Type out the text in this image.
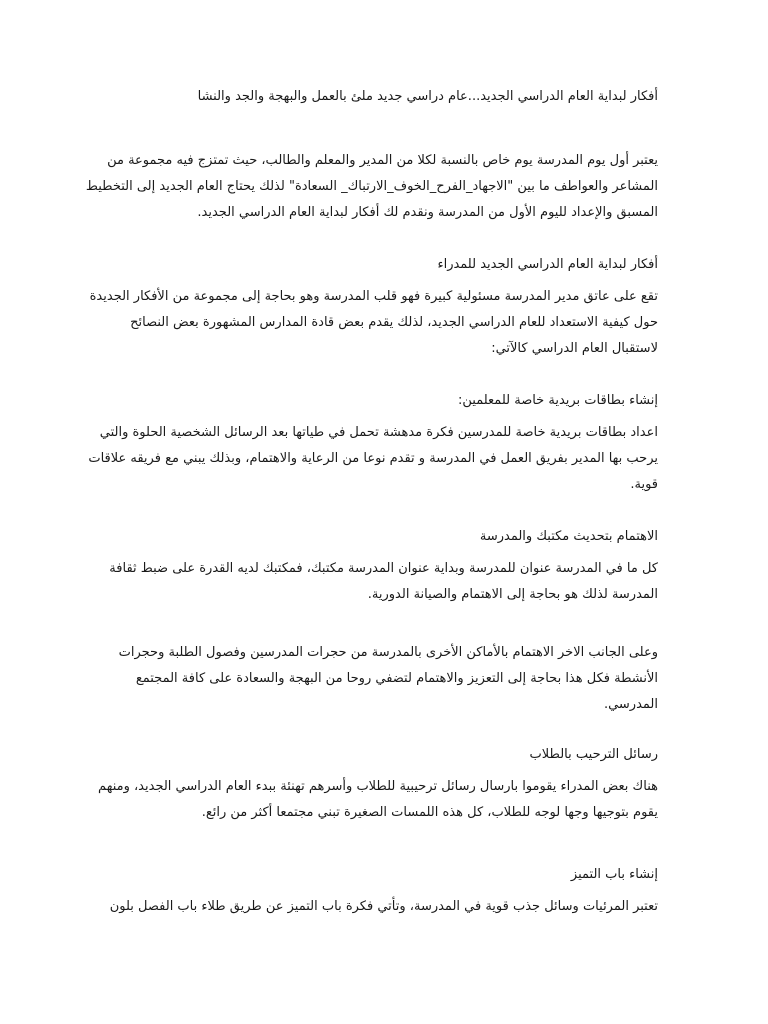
أفكار لبداية العام الدراسي الجديد...عام دراسي جديد ملئ بالعمل والبهجة والجد والنشا

يعتبر أول يوم المدرسة يوم خاص بالنسبة لكلا من المدير والمعلم والطالب، حيث تمتزج فيه مجموعة من
المشاعر والعواطف ما بين "الاجهاد_الفرح_الخوف_الارتباك_ السعادة" لذلك يحتاج العام الجديد إلى التخطيط
المسبق والإعداد لليوم الأول من المدرسة ونقدم لك أفكار لبداية العام الدراسي الجديد.

أفكار لبداية العام الدراسي الجديد للمدراء

تقع على عاتق مدير المدرسة مسئولية كبيرة فهو قلب المدرسة وهو بحاجة إلى مجموعة من الأفكار الجديدة
حول كيفية الاستعداد للعام الدراسي الجديد، لذلك يقدم بعض قادة المدارس المشهورة بعض النصائح
لاستقبال العام الدراسي كالآتي:

إنشاء بطاقات بريدية خاصة للمعلمين:

اعداد بطاقات بريدية خاصة للمدرسين فكرة مدهشة تحمل في طياتها بعد الرسائل الشخصية الحلوة والتي
يرحب بها المدير بفريق العمل في المدرسة و تقدم نوعا من الرعاية والاهتمام، وبذلك يبني مع فريقه علاقات
قوية.

الاهتمام بتحديث مكتبك والمدرسة

كل ما في المدرسة عنوان للمدرسة وبداية عنوان المدرسة مكتبك، فمكتبك لديه القدرة على ضبط ثقافة
المدرسة لذلك هو بحاجة إلى الاهتمام والصيانة الدورية.

وعلى الجانب الاخر الاهتمام بالأماكن الأخرى بالمدرسة من حجرات المدرسين وفصول الطلبة وحجرات
الأنشطة فكل هذا بحاجة إلى التعزيز والاهتمام لتضفي روحا من البهجة والسعادة على كافة المجتمع
المدرسي.

رسائل الترحيب بالطلاب

هناك بعض المدراء يقوموا بارسال رسائل ترحيبية للطلاب وأسرهم تهنئة ببدء العام الدراسي الجديد، ومنهم
يقوم بتوجيها وجها لوجه للطلاب، كل هذه اللمسات الصغيرة تبني مجتمعا أكثر من رائع.

إنشاء باب التميز

تعتبر المرئيات وسائل جذب قوية في المدرسة، وتأتي فكرة باب التميز عن طريق طلاء باب الفصل بلون
